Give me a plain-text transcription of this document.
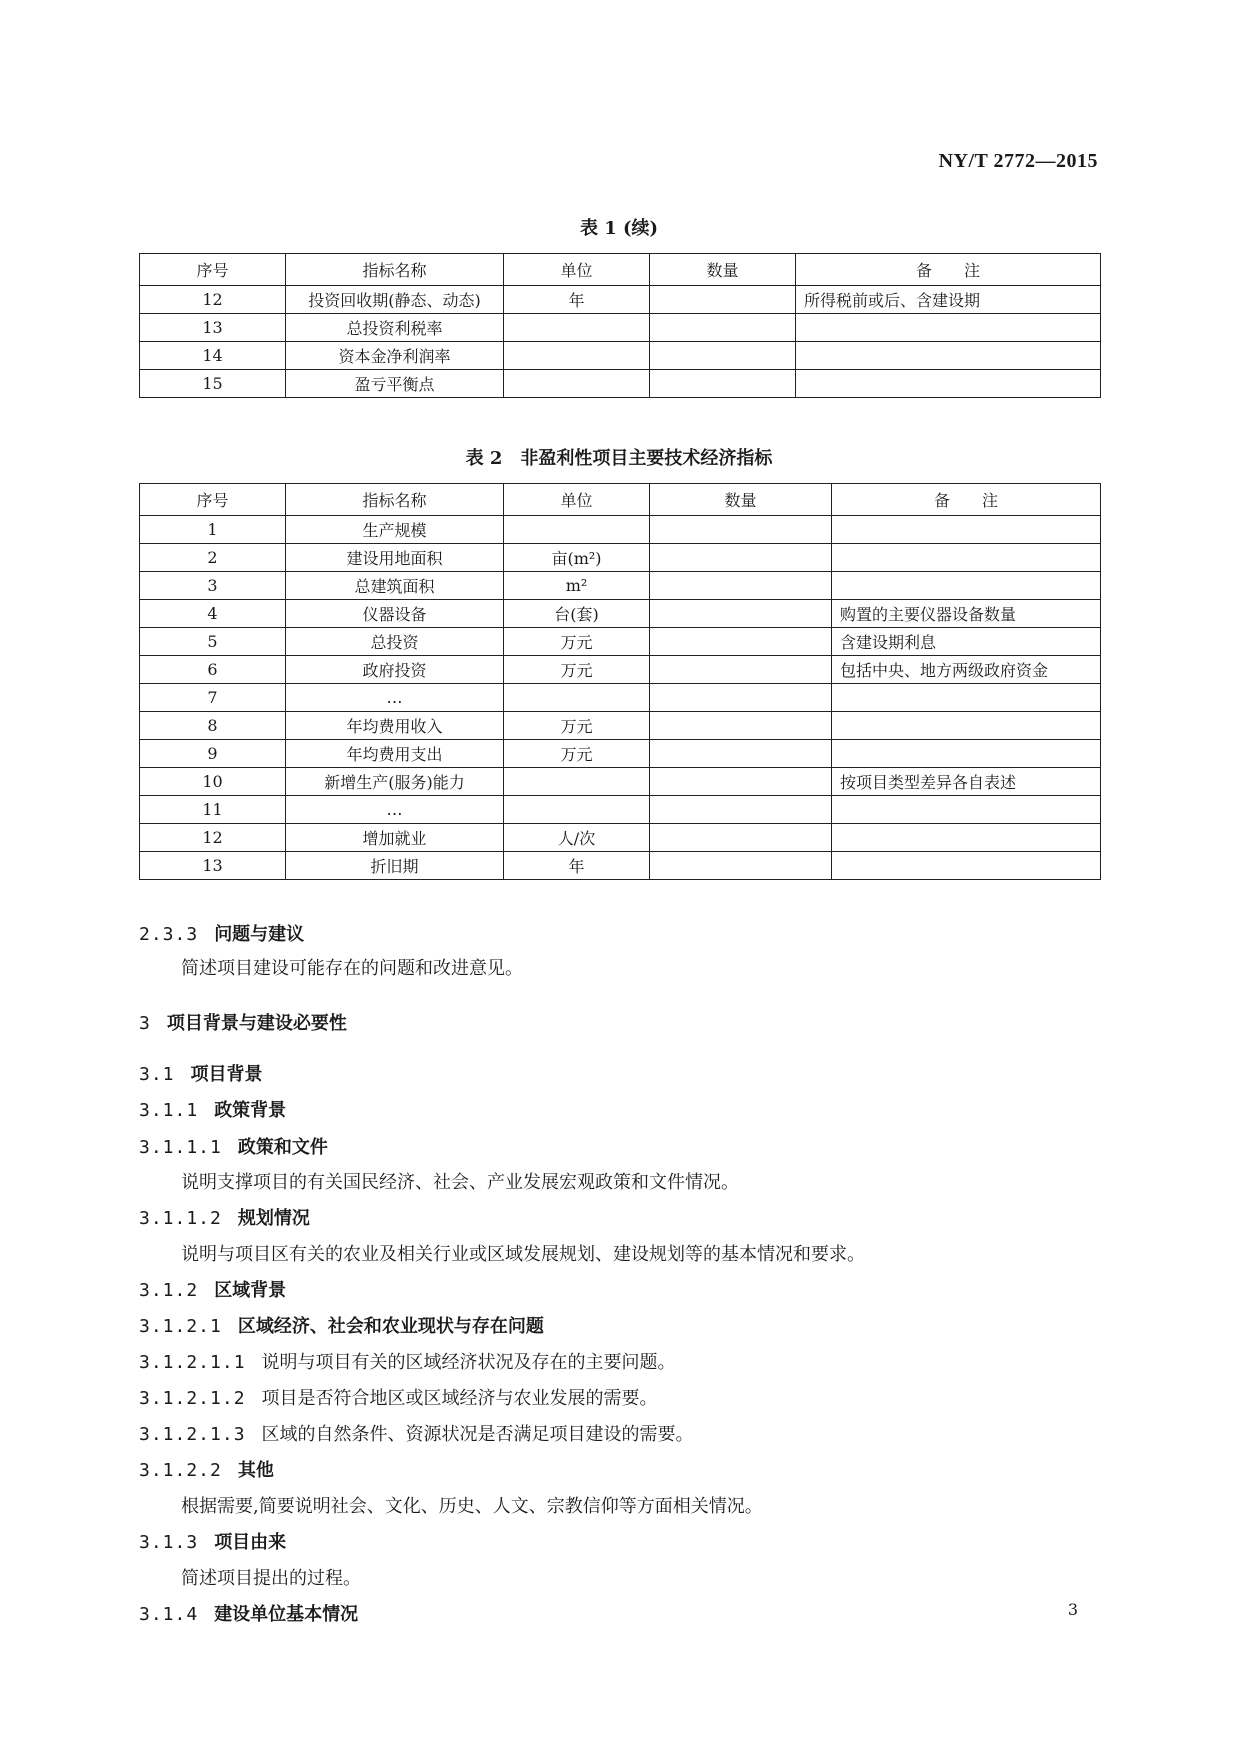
NY/T 2772—2015
表 1 (续)
序号	指标名称	单位	数量	备　　注
12	投资回收期(静态、动态)	年		所得税前或后、含建设期
13	总投资利税率			
14	资本金净利润率			
15	盈亏平衡点			
表 2　非盈利性项目主要技术经济指标
序号	指标名称	单位	数量	备　　注
1	生产规模			
2	建设用地面积	亩(m²)		
3	总建筑面积	m²		
4	仪器设备	台(套)		购置的主要仪器设备数量
5	总投资	万元		含建设期利息
6	政府投资	万元		包括中央、地方两级政府资金
7	…			
8	年均费用收入	万元		
9	年均费用支出	万元		
10	新增生产(服务)能力			按项目类型差异各自表述
11	…			
12	增加就业	人/次		
13	折旧期	年		
2.3.3 问题与建议
简述项目建设可能存在的问题和改进意见。
3 项目背景与建设必要性
3.1 项目背景
3.1.1 政策背景
3.1.1.1 政策和文件
说明支撑项目的有关国民经济、社会、产业发展宏观政策和文件情况。
3.1.1.2 规划情况
说明与项目区有关的农业及相关行业或区域发展规划、建设规划等的基本情况和要求。
3.1.2 区域背景
3.1.2.1 区域经济、社会和农业现状与存在问题
3.1.2.1.1 说明与项目有关的区域经济状况及存在的主要问题。
3.1.2.1.2 项目是否符合地区或区域经济与农业发展的需要。
3.1.2.1.3 区域的自然条件、资源状况是否满足项目建设的需要。
3.1.2.2 其他
根据需要,简要说明社会、文化、历史、人文、宗教信仰等方面相关情况。
3.1.3 项目由来
简述项目提出的过程。
3.1.4 建设单位基本情况	3
